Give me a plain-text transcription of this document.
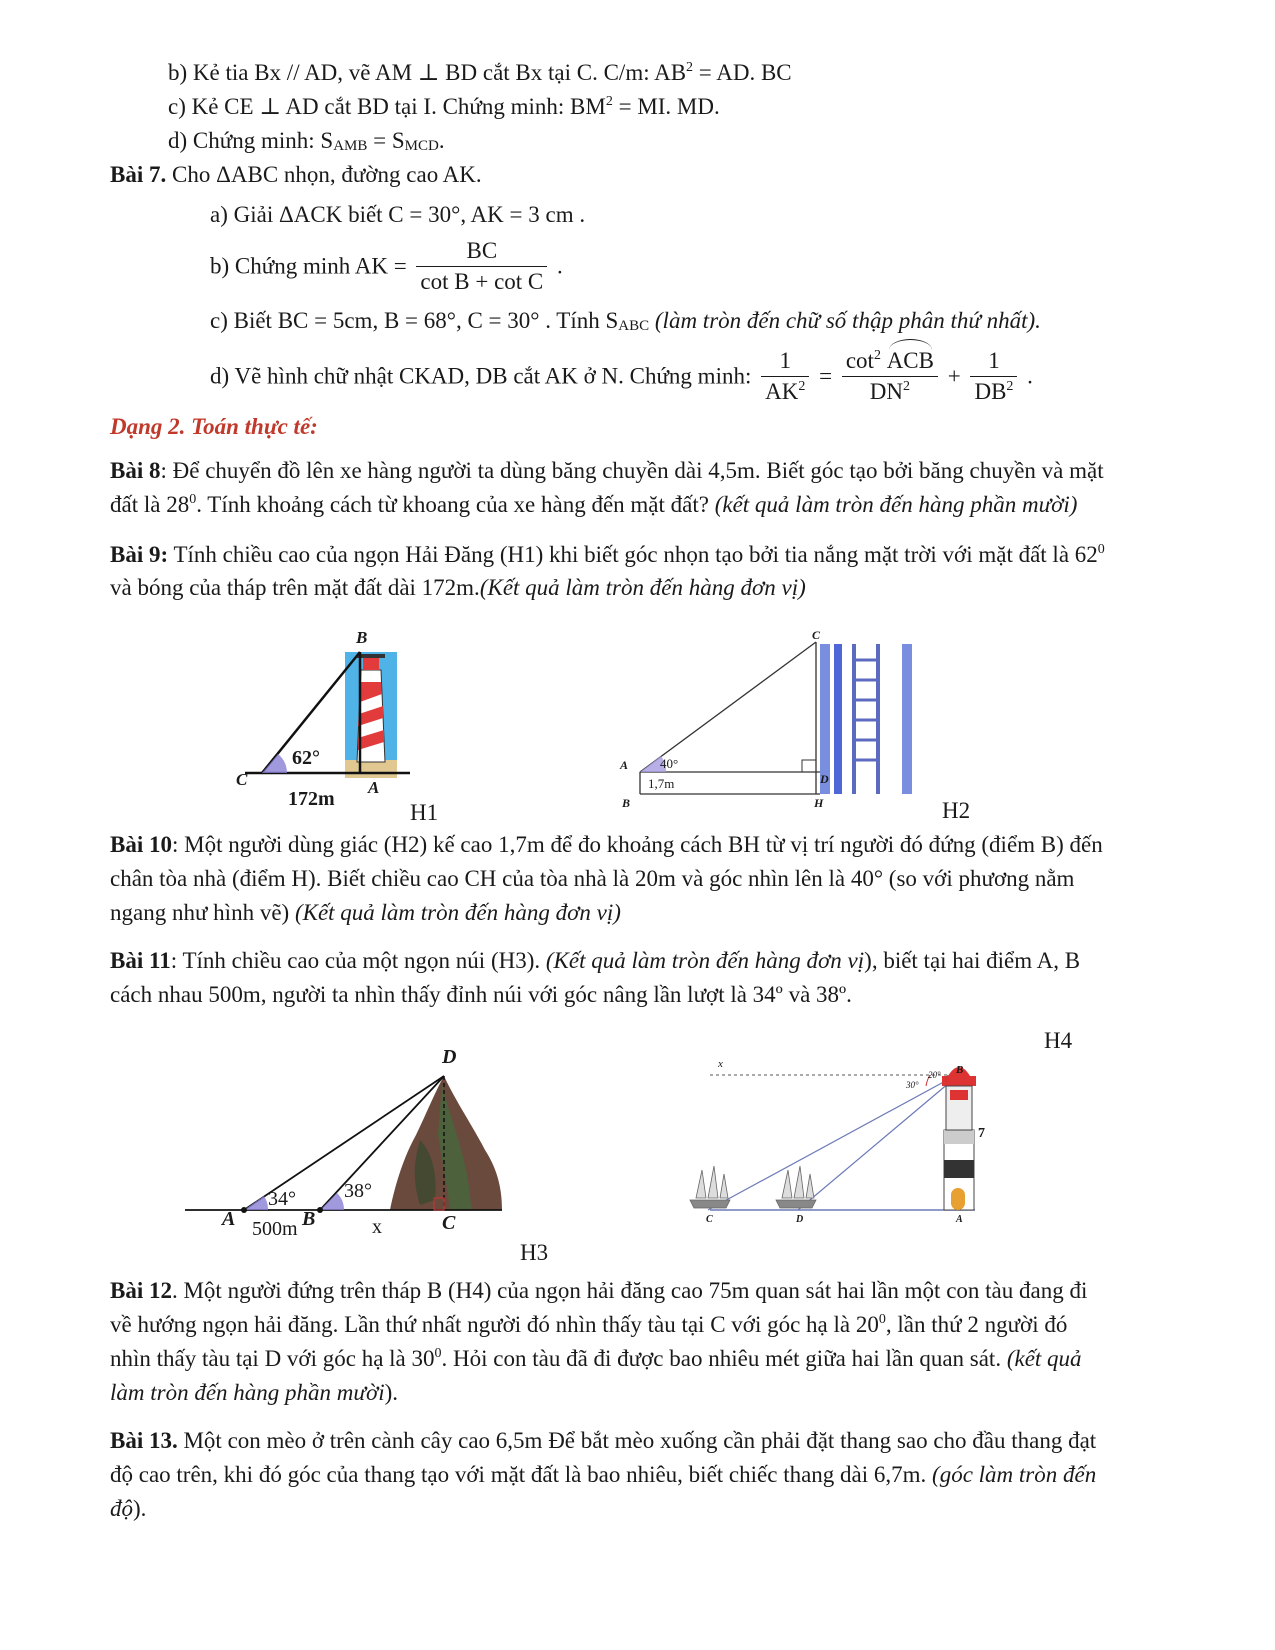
b) Kẻ tia Bx // AD, vẽ AM ⊥ BD cắt Bx tại C. C/m: $AB^2$ = AD. BC
c) Kẻ CE ⊥ AD cắt BD tại I. Chứng minh: $BM^2$ = MI. MD.
d) Chứng minh: $S_{AMB} = S_{MCD}$.
Bài 7. Cho ΔABC nhọn, đường cao AK.
a) Giải ΔACK biết C = 30°, AK = 3 cm .
b) Chứng minh AK = $\frac{BC}{\text{cot B + cot C}}$ .
c) Biết BC = 5cm, B = 68°, C = 30° . Tính $S_{ABC}$ (làm tròn đến chữ số thập phân thứ nhất).
d) Vẽ hình chữ nhật CKAD, DB cắt AK ở N. Chứng minh: $\frac{1}{AK^2} = \frac{\cot^2 ACB}{DN^2} + \frac{1}{DB^2}$ .
Dạng 2. Toán thực tế:
Bài 8: Để chuyển đồ lên xe hàng người ta dùng băng chuyền dài 4,5m. Biết góc tạo bởi băng chuyền và mặt
đất là $28^0$. Tính khoảng cách từ khoang của xe hàng đến mặt đất? (kết quả làm tròn đến hàng phần mười)
Bài 9: Tính chiều cao của ngọn Hải Đăng (H1) khi biết góc nhọn tạo bởi tia nắng mặt trời với mặt đất là $62^0$
và bóng của tháp trên mặt đất dài 172m.(Kết quả làm tròn đến hàng đơn vị)
B
C	A
62°
172m
H1
C
A
D
B	H
40°
1,7m
H2
Bài 10: Một người dùng giác (H2) kế cao 1,7m để đo khoảng cách BH từ vị trí người đó đứng (điểm B) đến
chân tòa nhà (điểm H). Biết chiều cao CH của tòa nhà là 20m và góc nhìn lên là 40° (so với phương nằm
ngang như hình vẽ) (Kết quả làm tròn đến hàng đơn vị)
Bài 11: Tính chiều cao của một ngọn núi (H3). (Kết quả làm tròn đến hàng đơn vị), biết tại hai điểm A, B
cách nhau 500m, người ta nhìn thấy đỉnh núi với góc nâng lần lượt là 34º và 38º.
D
A	B	C
x
34° 38°
500m
H3
H4
x	B
30°
20°
7
C	D	A
Bài 12. Một người đứng trên tháp B (H4) của ngọn hải đăng cao 75m quan sát hai lần một con tàu đang đi
về hướng ngọn hải đăng. Lần thứ nhất người đó nhìn thấy tàu tại C với góc hạ là $20^0$, lần thứ 2 người đó
nhìn thấy tàu tại D với góc hạ là $30^0$. Hỏi con tàu đã đi được bao nhiêu mét giữa hai lần quan sát. (kết quả
làm tròn đến hàng phần mười).
Bài 13. Một con mèo ở trên cành cây cao 6,5m Để bắt mèo xuống cần phải đặt thang sao cho đầu thang đạt
độ cao trên, khi đó góc của thang tạo với mặt đất là bao nhiêu, biết chiếc thang dài 6,7m. (góc làm tròn đến
độ).
